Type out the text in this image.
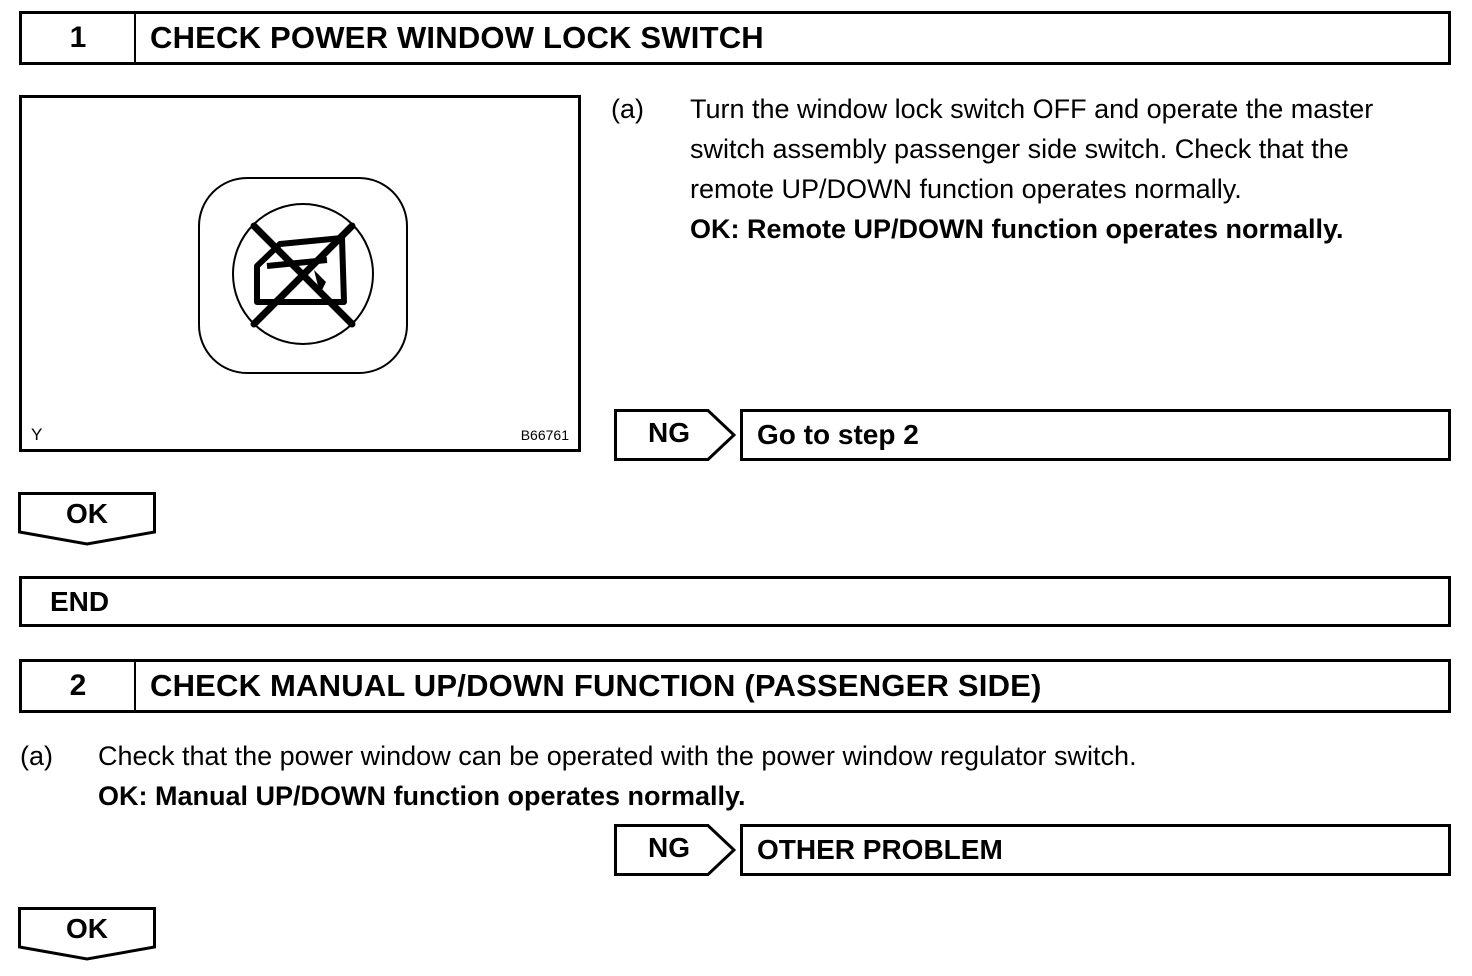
1	CHECK POWER WINDOW LOCK SWITCH
Y	B66761
(a) Turn the window lock switch OFF and operate the master
switch assembly passenger side switch. Check that the
remote UP/DOWN function operates normally.
OK: Remote UP/DOWN function operates normally.
NG	Go to step 2
OK
END
2	CHECK MANUAL UP/DOWN FUNCTION (PASSENGER SIDE)
(a) Check that the power window can be operated with the power window regulator switch.
OK: Manual UP/DOWN function operates normally.
NG	OTHER PROBLEM
OK
